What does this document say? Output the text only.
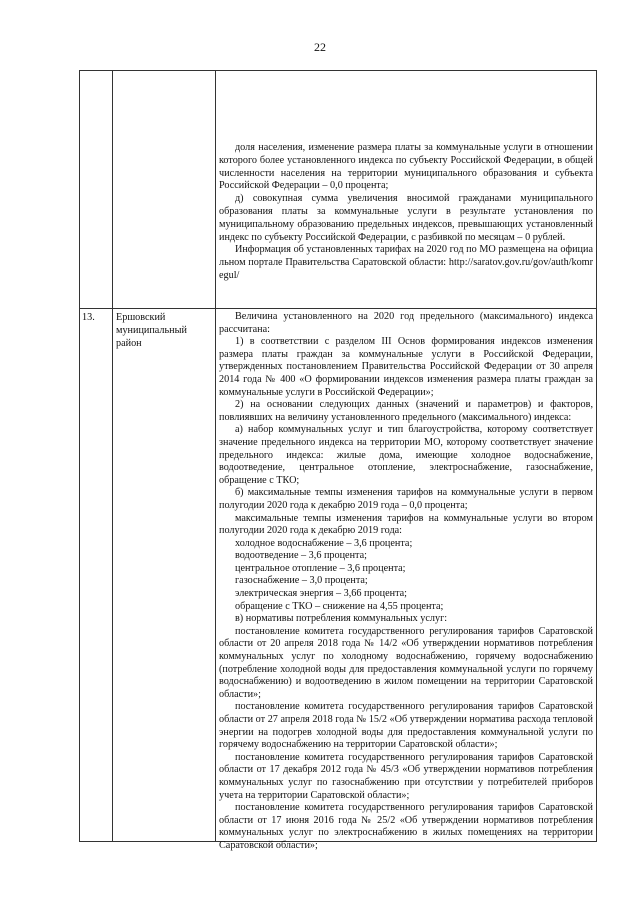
22

доля населения, изменение размера платы за коммунальные услуги в отношении которого более установленного индекса по субъекту Российской Федерации, в общей численности населения на территории муниципального образования и субъекта Российской Федерации – 0,0 процента;

д) совокупная сумма увеличения вносимой гражданами муниципального образования платы за коммунальные услуги в результате установления по муниципальному образованию предельных индексов, превышающих установленный индекс по субъекту Российской Федерации, с разбивкой по месяцам – 0 рублей.

Информация об установленных тарифах на 2020 год по МО размещена на официальном портале Правительства Саратовской области: http://saratov.gov.ru/gov/auth/komregul/

13.	Ершовский муниципальный район

Величина установленного на 2020 год предельного (максимального) индекса рассчитана:

1) в соответствии с разделом III Основ формирования индексов изменения размера платы граждан за коммунальные услуги в Российской Федерации, утвержденных постановлением Правительства Российской Федерации от 30 апреля 2014 года № 400 «О формировании индексов изменения размера платы граждан за коммунальные услуги в Российской Федерации»;

2) на основании следующих данных (значений и параметров) и факторов, повлиявших на величину установленного предельного (максимального) индекса:

а) набор коммунальных услуг и тип благоустройства, которому соответствует значение предельного индекса на территории МО, которому соответствует значение предельного индекса: жилые дома, имеющие холодное водоснабжение, водоотведение, центральное отопление, электроснабжение, газоснабжение, обращение с ТКО;

б) максимальные темпы изменения тарифов на коммунальные услуги в первом полугодии 2020 года к декабрю 2019 года – 0,0 процента;

максимальные темпы изменения тарифов на коммунальные услуги во втором полугодии 2020 года к декабрю 2019 года:

холодное водоснабжение – 3,6 процента;

водоотведение – 3,6 процента;

центральное отопление – 3,6 процента;

газоснабжение – 3,0 процента;

электрическая энергия – 3,66 процента;

обращение с ТКО – снижение на 4,55 процента;

в) нормативы потребления коммунальных услуг:

постановление комитета государственного регулирования тарифов Саратовской области от 20 апреля 2018 года № 14/2 «Об утверждении нормативов потребления коммунальных услуг по холодному водоснабжению, горячему водоснабжению (потребление холодной воды для предоставления коммунальной услуги по горячему водоснабжению) и водоотведению в жилом помещении на территории Саратовской области»;

постановление комитета государственного регулирования тарифов Саратовской области от 27 апреля 2018 года № 15/2 «Об утверждении норматива расхода тепловой энергии на подогрев холодной воды для предоставления коммунальной услуги по горячему водоснабжению на территории Саратовской области»;

постановление комитета государственного регулирования тарифов Саратовской области от 17 декабря 2012 года № 45/3 «Об утверждении нормативов потребления коммунальных услуг по газоснабжению при отсутствии у потребителей приборов учета на территории Саратовской области»;

постановление комитета государственного регулирования тарифов Саратовской области от 17 июня 2016 года № 25/2 «Об утверждении нормативов потребления коммунальных услуг по электроснабжению в жилых помещениях на территории Саратовской области»;
